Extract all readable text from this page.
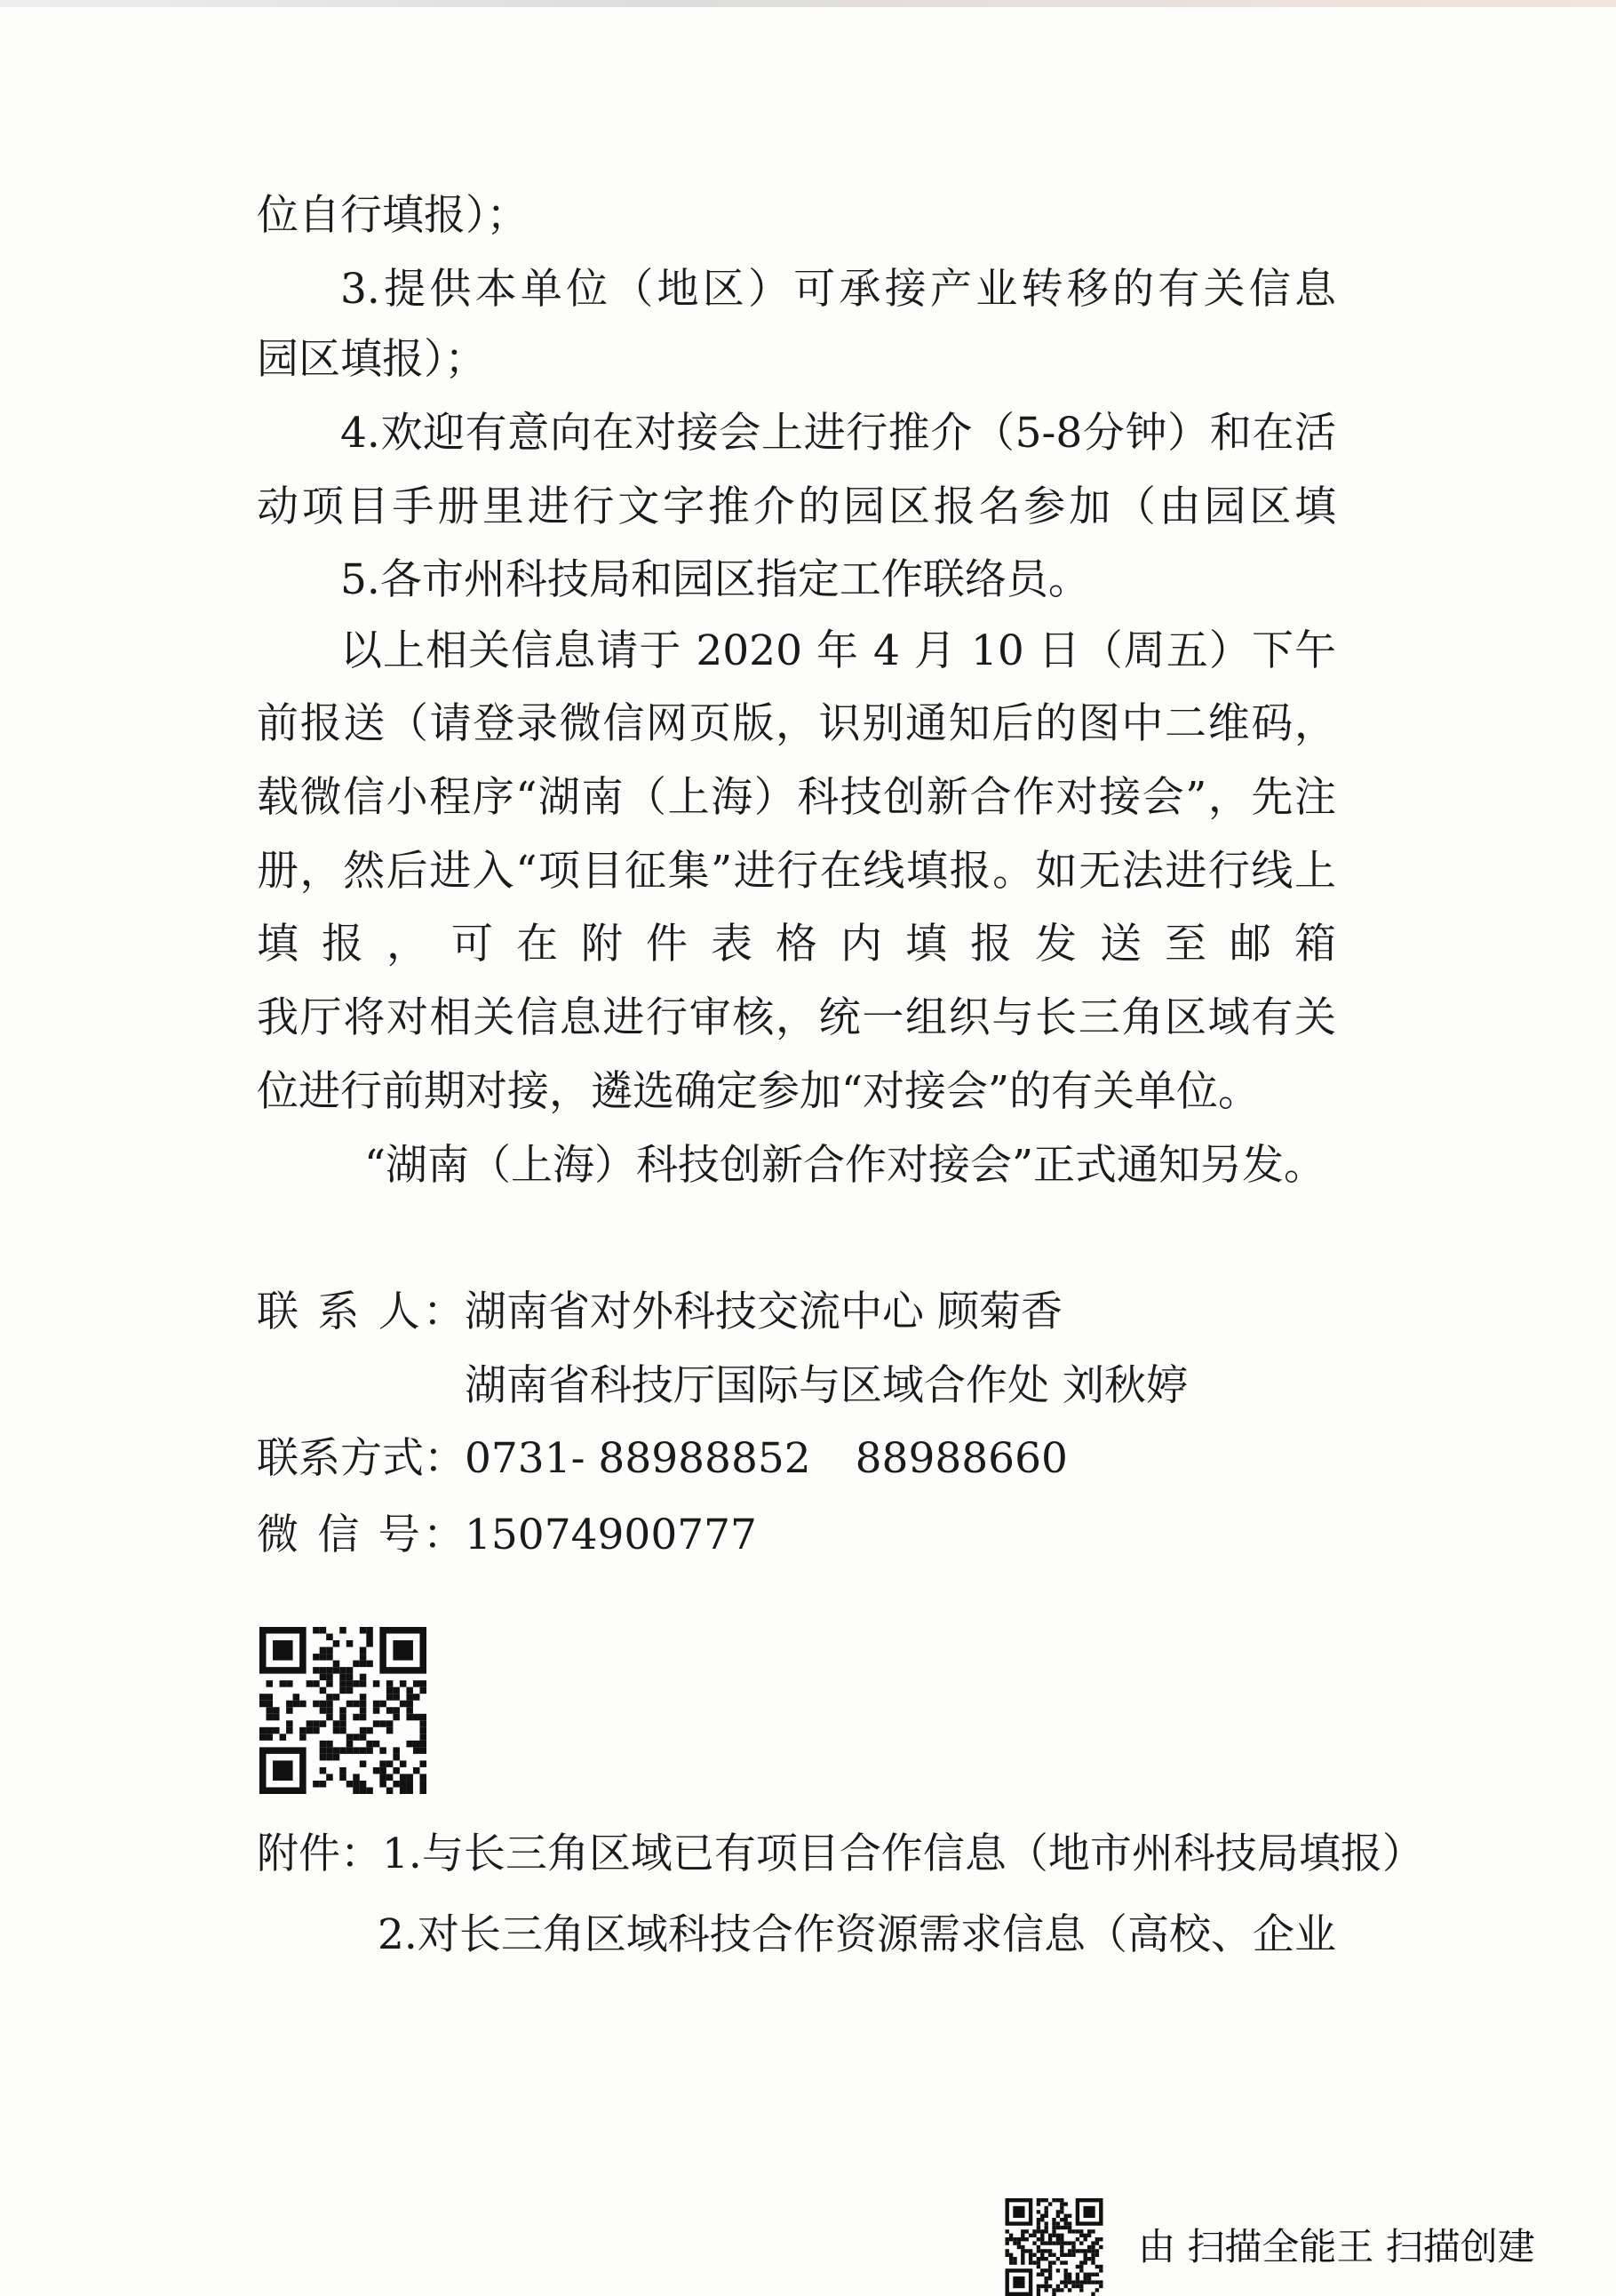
位自行填报）；
3.提供本单位（地区）可承接产业转移的有关信息
园区填报）；
4.欢迎有意向在对接会上进行推介（5-8分钟）和在活
动项目手册里进行文字推介的园区报名参加（由园区填
5.各市州科技局和园区指定工作联络员。
以上相关信息请于 2020 年 4 月 10 日（周五）下午
前报送（请登录微信网页版，识别通知后的图中二维码，
载微信小程序“湖南（上海）科技创新合作对接会”，先注
册，然后进入“项目征集”进行在线填报。如无法进行线上
填报，可在附件表格内填报发送至邮箱
我厅将对相关信息进行审核，统一组织与长三角区域有关
位进行前期对接，遴选确定参加“对接会”的有关单位。
“湖南（上海）科技创新合作对接会”正式通知另发。
联 系 人： 湖南省对外科技交流中心 顾菊香
湖南省科技厅国际与区域合作处 刘秋婷
联系方式： 0731- 88988852 88988660
微 信 号： 15074900777
附件：1.与长三角区域已有项目合作信息（地市州科技局填报）
2.对长三角区域科技合作资源需求信息（高校、企业
由 扫描全能王 扫描创建
